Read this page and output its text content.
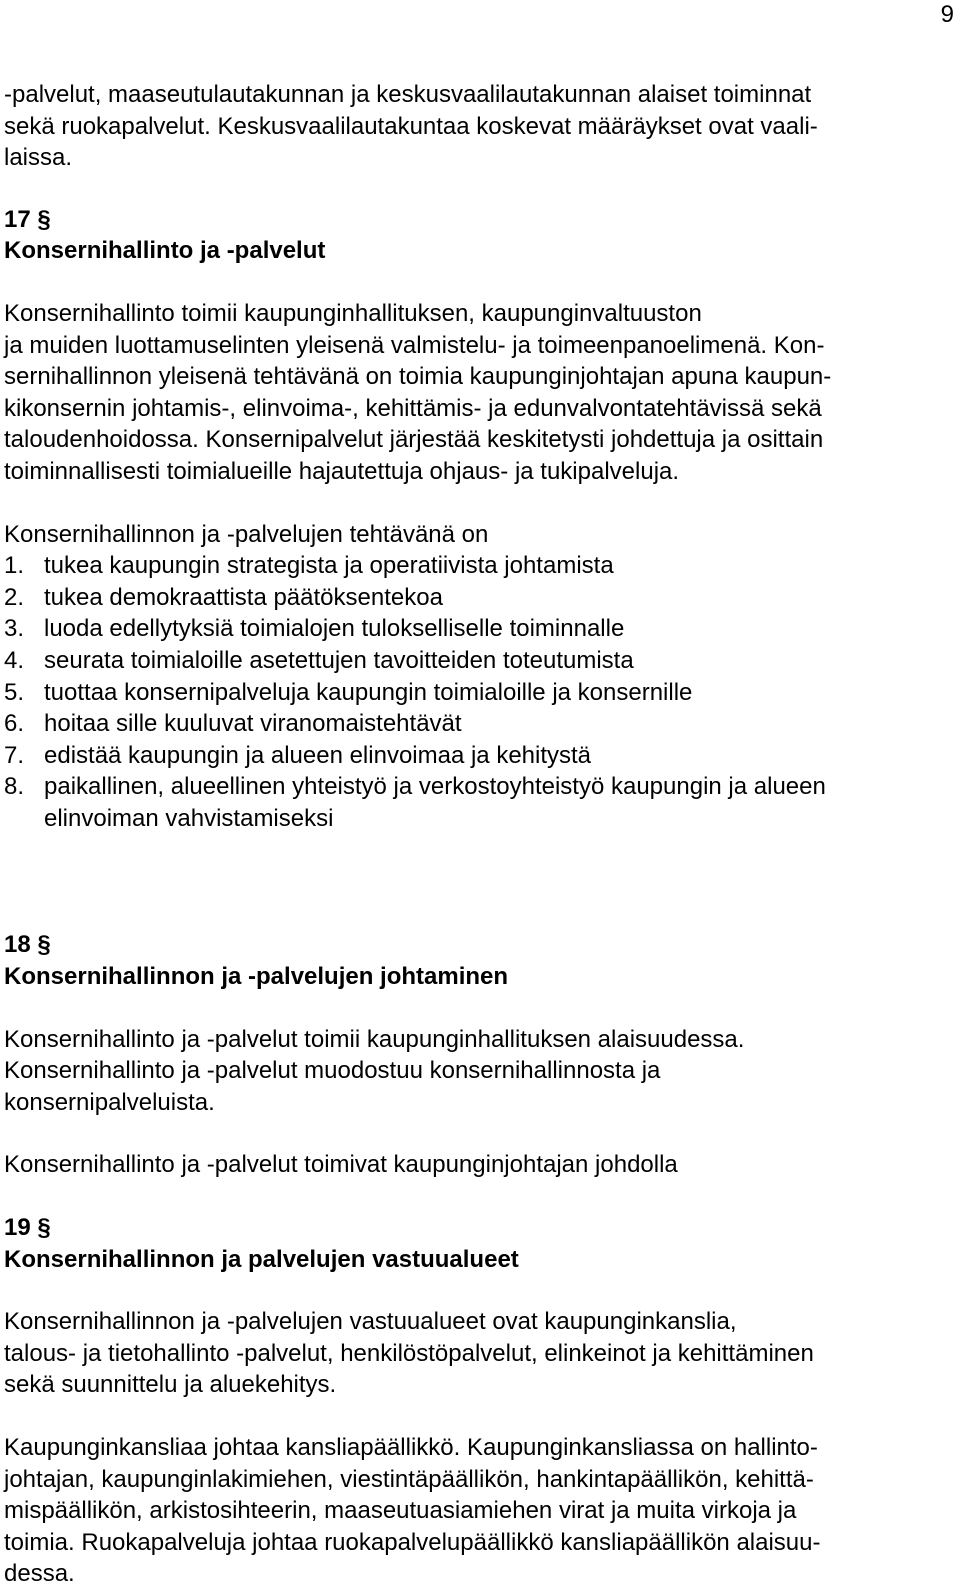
9
-palvelut, maaseutulautakunnan ja keskusvaalilautakunnan alaiset toiminnat
sekä ruokapalvelut. Keskusvaalilautakuntaa koskevat määräykset ovat vaali-
laissa.
17 §
Konsernihallinto ja -palvelut
Konsernihallinto toimii kaupunginhallituksen, kaupunginvaltuuston
ja muiden luottamuselinten yleisenä valmistelu- ja toimeenpanoelimenä. Kon-
sernihallinnon yleisenä tehtävänä on toimia kaupunginjohtajan apuna kaupun-
kikonsernin johtamis-, elinvoima-, kehittämis- ja edunvalvontatehtävissä sekä
taloudenhoidossa. Konsernipalvelut järjestää keskitetysti johdettuja ja osittain
toiminnallisesti toimialueille hajautettuja ohjaus- ja tukipalveluja.
Konsernihallinnon ja -palvelujen tehtävänä on
1. tukea kaupungin strategista ja operatiivista johtamista
2. tukea demokraattista päätöksentekoa
3. luoda edellytyksiä toimialojen tulokselliselle toiminnalle
4. seurata toimialoille asetettujen tavoitteiden toteutumista
5. tuottaa konsernipalveluja kaupungin toimialoille ja konsernille
6. hoitaa sille kuuluvat viranomaistehtävät
7. edistää kaupungin ja alueen elinvoimaa ja kehitystä
8. paikallinen, alueellinen yhteistyö ja verkostoyhteistyö kaupungin ja alueen
elinvoiman vahvistamiseksi
18 §
Konsernihallinnon ja -palvelujen johtaminen
Konsernihallinto ja -palvelut toimii kaupunginhallituksen alaisuudessa.
Konsernihallinto ja -palvelut muodostuu konsernihallinnosta ja
konsernipalveluista.
Konsernihallinto ja -palvelut toimivat kaupunginjohtajan johdolla
19 §
Konsernihallinnon ja palvelujen vastuualueet
Konsernihallinnon ja -palvelujen vastuualueet ovat kaupunginkanslia,
talous- ja tietohallinto -palvelut, henkilöstöpalvelut, elinkeinot ja kehittäminen
sekä suunnittelu ja aluekehitys.
Kaupunginkansliaa johtaa kansliapäällikkö. Kaupunginkansliassa on hallinto-
johtajan, kaupunginlakimiehen, viestintäpäällikön, hankintapäällikön, kehittä-
mispäällikön, arkistosihteerin, maaseutuasiamiehen virat ja muita virkoja ja
toimia. Ruokapalveluja johtaa ruokapalvelupäällikkö kansliapäällikön alaisuu-
dessa.
